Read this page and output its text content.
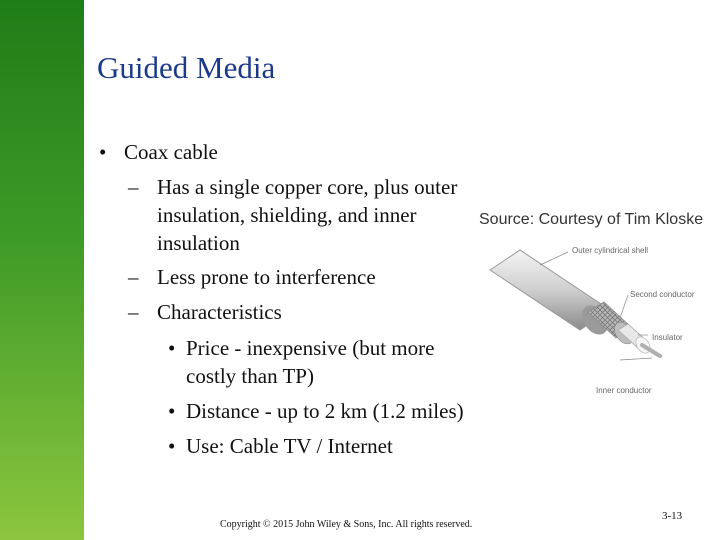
Guided Media
• Coax cable
– Has a single copper core, plus outer
insulation, shielding, and inner
insulation
– Less prone to interference
– Characteristics
• Price - inexpensive (but more
costly than TP)
• Distance - up to 2 km (1.2 miles)
• Use: Cable TV / Internet
Source: Courtesy of Tim Kloske
Outer cylindrical shell
Second conductor
Insulator
Inner conductor
Copyright © 2015 John Wiley & Sons, Inc. All rights reserved.
3-13
